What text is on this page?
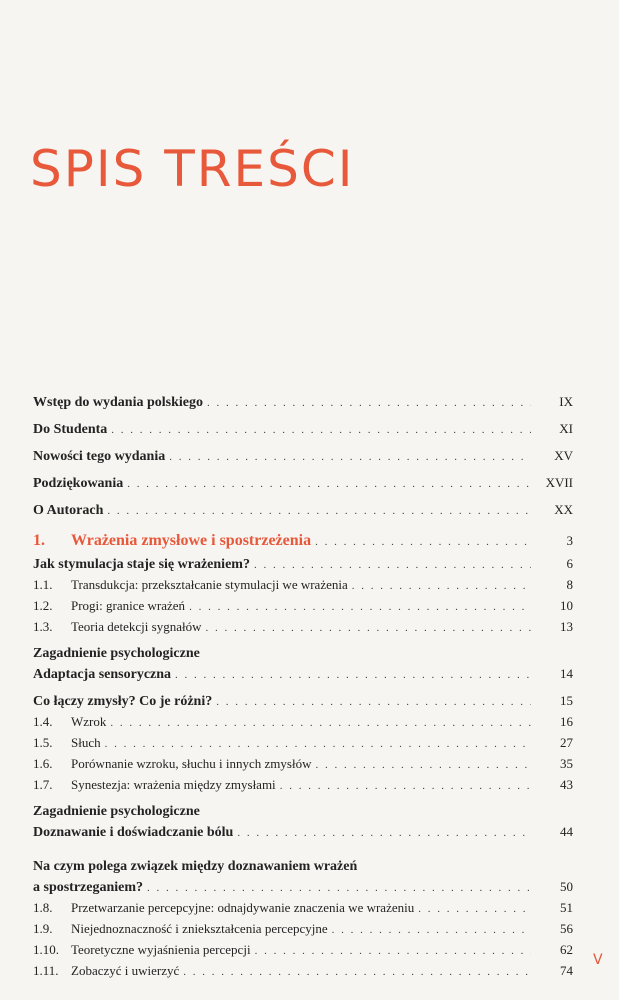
SPIS TREŚCI
Wstęp do wydania polskiego . . .	IX
Do Studenta . . .	XI
Nowości tego wydania . . .	XV
Podziękowania . . .	XVII
O Autorach . . .	XX
1.	Wrażenia zmysłowe i spostrzeżenia . . .	3
Jak stymulacja staje się wrażeniem? . . .	6
1.1.	Transdukcja: przekształcanie stymulacji we wrażenia . . .	8
1.2.	Progi: granice wrażeń . . .	10
1.3.	Teoria detekcji sygnałów . . .	13
Zagadnienie psychologiczne
Adaptacja sensoryczna . . .	14
Co łączy zmysły? Co je różni? . . .	15
1.4.	Wzrok . . .	16
1.5.	Słuch . . .	27
1.6.	Porównanie wzroku, słuchu i innych zmysłów . . .	35
1.7.	Synestezja: wrażenia między zmysłami . . .	43
Zagadnienie psychologiczne
Doznawanie i doświadczanie bólu . . .	44
Na czym polega związek między doznawaniem wrażeń
a spostrzeganiem? . . .	50
1.8.	Przetwarzanie percepcyjne: odnajdywanie znaczenia we wrażeniu . . .	51
1.9.	Niejednoznaczność i zniekształcenia percepcyjne . . .	56
1.10. Teoretyczne wyjaśnienia percepcji . . .	62
1.11. Zobaczyć i uwierzyć . . .	74
V
